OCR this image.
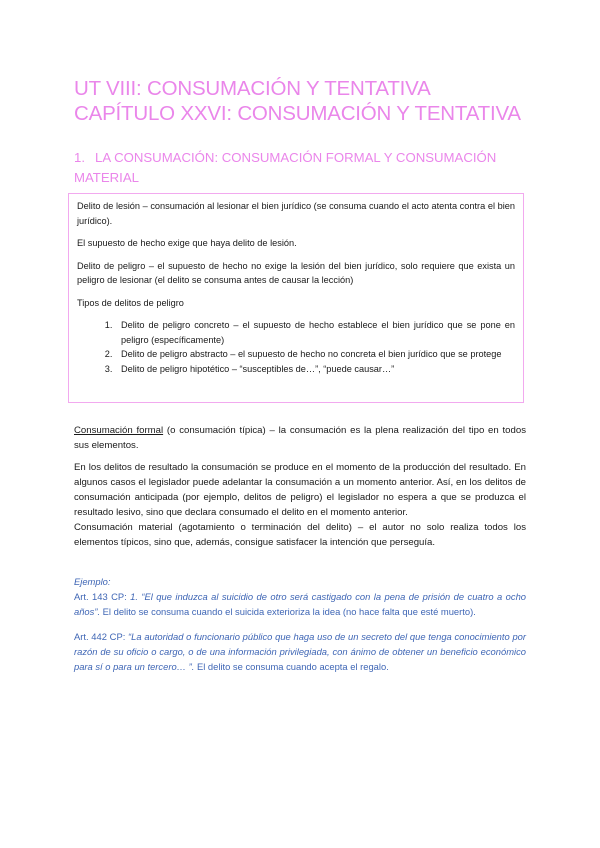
UT VIII: CONSUMACIÓN Y TENTATIVA
CAPÍTULO XXVI: CONSUMACIÓN Y TENTATIVA
1. LA CONSUMACIÓN: CONSUMACIÓN FORMAL Y CONSUMACIÓN MATERIAL

Delito de lesión – consumación al lesionar el bien jurídico (se consuma cuando el acto atenta contra el bien jurídico).

El supuesto de hecho exige que haya delito de lesión.

Delito de peligro – el supuesto de hecho no exige la lesión del bien jurídico, solo requiere que exista un peligro de lesionar (el delito se consuma antes de causar la lección)

Tipos de delitos de peligro

1. Delito de peligro concreto – el supuesto de hecho establece el bien jurídico que se pone en peligro (específicamente)
2. Delito de peligro abstracto – el supuesto de hecho no concreta el bien jurídico que se protege
3. Delito de peligro hipotético – “susceptibles de…”, “puede causar…”

Consumación formal (o consumación típica) – la consumación es la plena realización del tipo en todos sus elementos.

En los delitos de resultado la consumación se produce en el momento de la producción del resultado. En algunos casos el legislador puede adelantar la consumación a un momento anterior. Así, en los delitos de consumación anticipada (por ejemplo, delitos de peligro) el legislador no espera a que se produzca el resultado lesivo, sino que declara consumado el delito en el momento anterior.

Consumación material (agotamiento o terminación del delito) – el autor no solo realiza todos los elementos típicos, sino que, además, consigue satisfacer la intención que perseguía.

Ejemplo:

Art. 143 CP: 1. “El que induzca al suicidio de otro será castigado con la pena de prisión de cuatro a ocho años”. El delito se consuma cuando el suicida exterioriza la idea (no hace falta que esté muerto).

Art. 442 CP: “La autoridad o funcionario público que haga uso de un secreto del que tenga conocimiento por razón de su oficio o cargo, o de una información privilegiada, con ánimo de obtener un beneficio económico para sí o para un tercero… ”. El delito se consuma cuando acepta el regalo.
